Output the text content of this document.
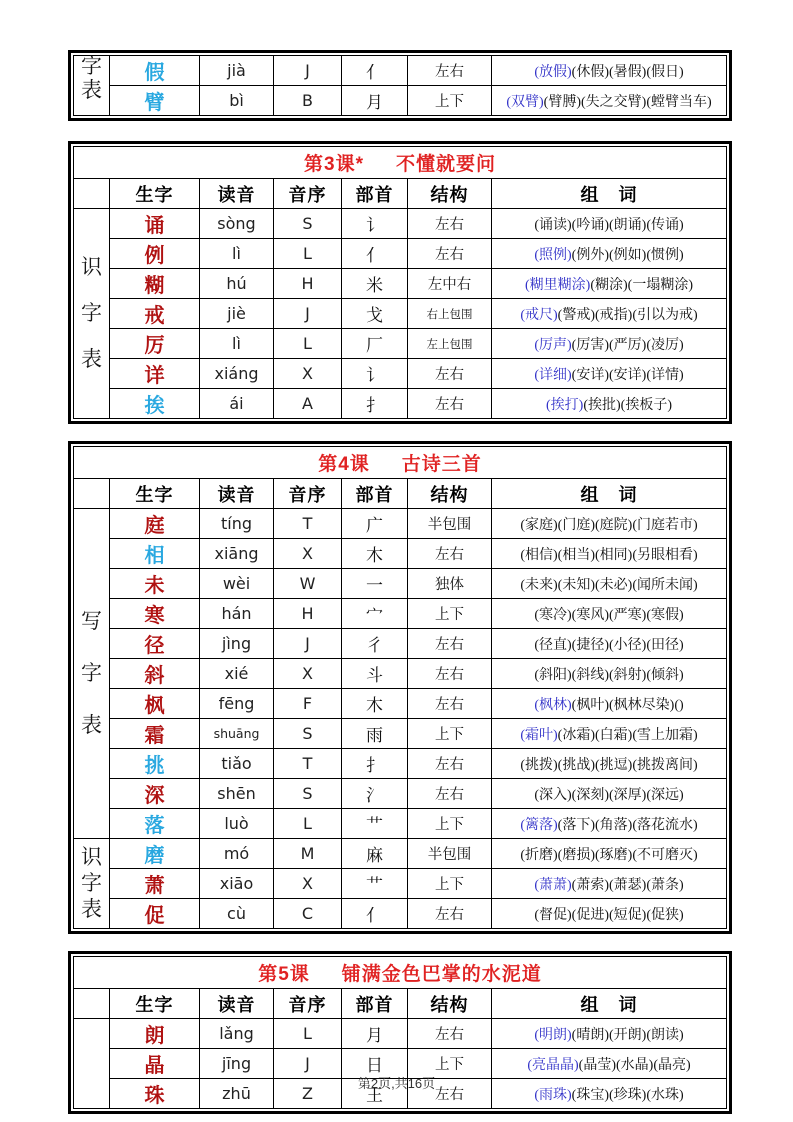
字
表	假	jià	J	亻	左右	(放假)(休假)(暑假)(假日)
	臂	bì	B	月	上下	(双臂)(臂膊)(失之交臂)(螳臂当车)
第3课* 不懂就要问						
	生字	读音	音序	部首	结构	组　词

识
字
表	诵	sòng	S	讠	左右	(诵读)(吟诵)(朗诵)(传诵)
	例	lì	L	亻	左右	(照例)(例外)(例如)(惯例)
	糊	hú	H	米	左中右	(糊里糊涂)(糊涂)(一塌糊涂)
	戒	jiè	J	戈	右上包围	(戒尺)(警戒)(戒指)(引以为戒)
	厉	lì	L	厂	左上包围	(厉声)(厉害)(严厉)(凌厉)
	详	xiáng	X	讠	左右	(详细)(安详)(安详)(详情)
	挨	ái	A	扌	左右	(挨打)(挨批)(挨板子)
第4课 古诗三首						
	生字	读音	音序	部首	结构	组　词

写
字
表	庭	tíng	T	广	半包围	(家庭)(门庭)(庭院)(门庭若市)
	相	xiāng	X	木	左右	(相信)(相当)(相同)(另眼相看)
	未	wèi	W	一	独体	(未来)(未知)(未必)(闻所未闻)
	寒	hán	H	宀	上下	(寒冷)(寒风)(严寒)(寒假)
	径	jìng	J	彳	左右	(径直)(捷径)(小径)(田径)
	斜	xié	X	斗	左右	(斜阳)(斜线)(斜射)(倾斜)
	枫	fēng	F	木	左右	(枫林)(枫叶)(枫林尽染)()
	霜	shuāng	S	雨	上下	(霜叶)(冰霜)(白霜)(雪上加霜)
	挑	tiǎo	T	扌	左右	(挑拨)(挑战)(挑逗)(挑拨离间)
	深	shēn	S	氵	左右	(深入)(深刻)(深厚)(深远)
	落	luò	L	艹	上下	(篱落)(落下)(角落)(落花流水)

识
字
表	磨	mó	M	麻	半包围	(折磨)(磨损)(琢磨)(不可磨灭)
	萧	xiāo	X	艹	上下	(萧萧)(萧索)(萧瑟)(萧条)
	促	cù	C	亻	左右	(督促)(促进)(短促)(促狭)
第5课 铺满金色巴掌的水泥道						
	生字	读音	音序	部首	结构	组　词
	朗	lǎng	L	月	左右	(明朗)(晴朗)(开朗)(朗读)
	晶	jīng	J	日	上下	(亮晶晶)(晶莹)(水晶)(晶亮)
	珠	zhū	Z	王	左右	(雨珠)(珠宝)(珍珠)(水珠)
第2页,共16页
